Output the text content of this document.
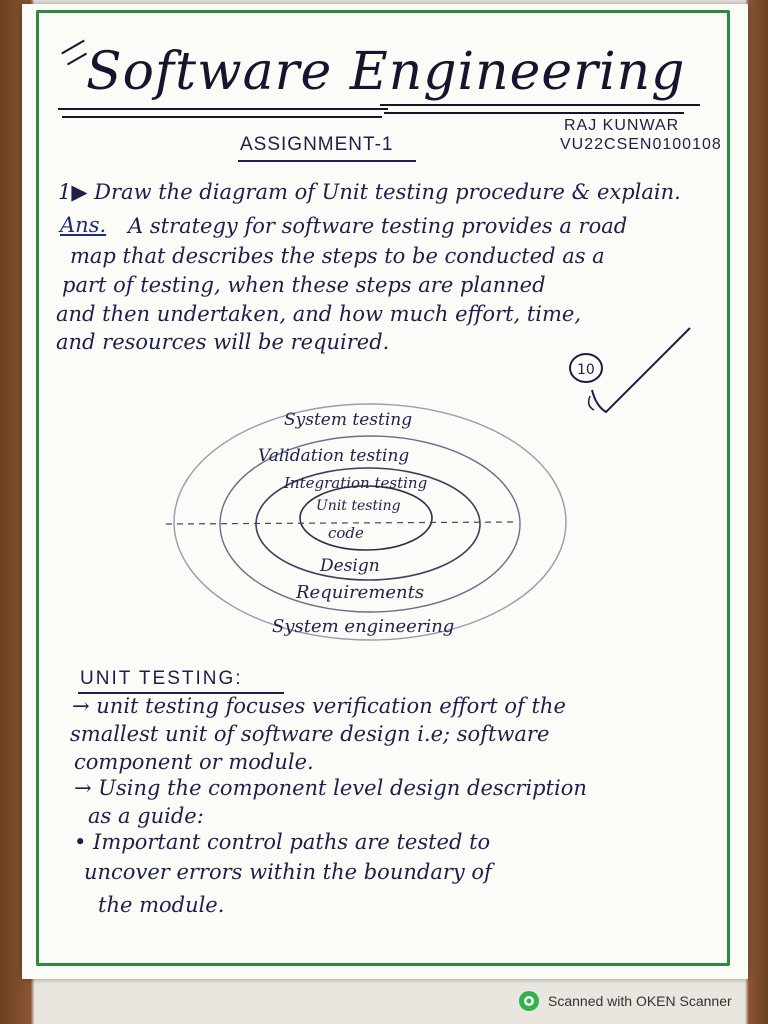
Software Engineering
ASSIGNMENT-1
RAJ KUNWAR
VU22CSEN0100108
1▶ Draw the diagram of Unit testing procedure & explain.
Ans. A strategy for software testing provides a road
map that describes the steps to be conducted as a
part of testing, when these steps are planned
and then undertaken, and how much effort, time,
and resources will be required.
10
System testing
Validation testing
Integration testing
Unit testing
code
Design
Requirements
System engineering
UNIT TESTING:
→ unit testing focuses verification effort of the
smallest unit of software design i.e; software
component or module.
→ Using the component level design description
as a guide:
• Important control paths are tested to
uncover errors within the boundary of
the module.
Scanned with OKEN Scanner
